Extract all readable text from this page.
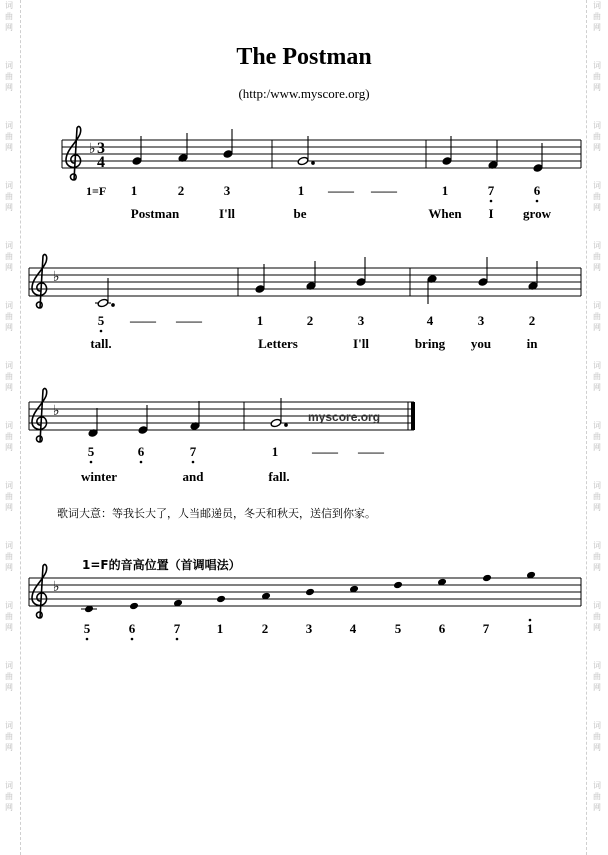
词
曲
网
词
曲
网
词
曲
网
词
曲
网
词
曲
网
词
曲
网
词
曲
网
词
曲
网
词
曲
网
词
曲
网
词
曲
网
词
曲
网
词
曲
网
词
曲
网
词
曲
网
词
曲
网
词
曲
网
词
曲
网
词
曲
网
词
曲
网
词
曲
网
词
曲
网
词
曲
网
词
曲
网
词
曲
网
词
曲
网
词
曲
网
词
曲
网
The Postman
(http:/www.myscore.org)
♭ 3
4
1=F 1	2	3	1 —— ——	1	7	6
Postman	I'll	be	When I grow
♭
5 —— ——	1	2	3	4	3	2
tall.	Letters	I'll	bring you	in
♭	myscore.org
5	6	7	1	—— ——
winter	and	fall.
1=F的音高位置（首调唱法）
♭
5	6	7	1	2	3	4	5	6	7	1
歌词大意：等我长大了，人当邮递员，冬天和秋天，送信到你家。
